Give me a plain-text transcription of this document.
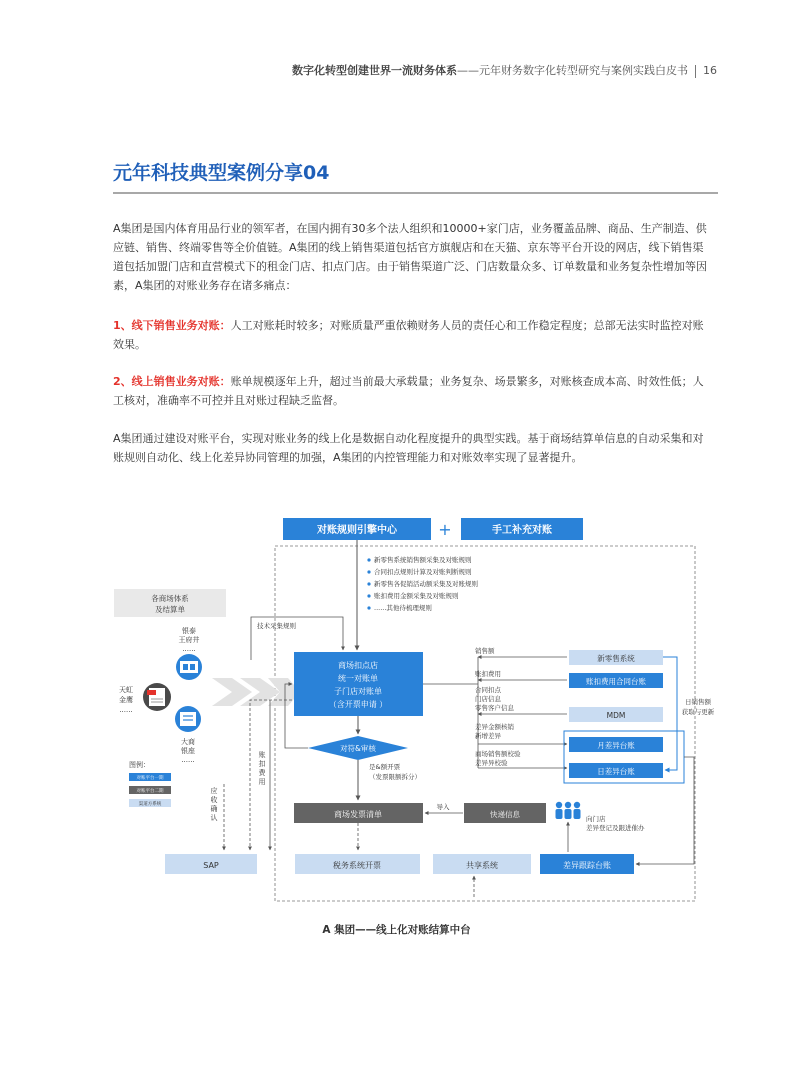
数字化转型创建世界一流财务体系——元年财务数字化转型研究与案例实践白皮书 16
元年科技典型案例分享04
A集团是国内体育用品行业的领军者，在国内拥有30多个法人组织和10000+家门店，业务覆盖品牌、商品、生产制造、供
应链、销售、终端零售等全价值链。A集团的线上销售渠道包括官方旗舰店和在天猫、京东等平台开设的网店，线下销售渠
道包括加盟门店和直营模式下的租金门店、扣点门店。由于销售渠道广泛、门店数量众多、订单数量和业务复杂性增加等因
素，A集团的对账业务存在诸多痛点：
1、线下销售业务对账：人工对账耗时较多；对账质量严重依赖财务人员的责任心和工作稳定程度；总部无法实时监控对账
效果。
2、线上销售业务对账：账单规模逐年上升，超过当前最大承载量；业务复杂、场景繁多，对账核查成本高、时效性低；人
工核对，准确率不可控并且对账过程缺乏监督。
A集团通过建设对账平台，实现对账业务的线上化是数据自动化程度提升的典型实践。基于商场结算单信息的自动采集和对
账规则自动化、线上化差异协同管理的加强，A集团的内控管理能力和对账效率实现了显著提升。
对账规则引擎中心	+	手工补充对账
新零售系统销售额采集及对账规则
合同扣点规则计算及对账判断规则
新零售各促销活动额采集及对账规则
账扣费用金额采集及对账规则
......其他待梳理规则
各商场体系
及结算单
技术采集规则
银泰
王府井
......
天虹
金鹰
......
大商
银座
......
图例：
对账平台一期
对账平台二期
渠道方系统
商场扣点店
统一对账单
子门店对账单
（含开票申请 ）
对符&审核
是&额开票
（发票限额拆分）
账
扣
费
用
应
收
确
认	商场发票清单	快递信息
导入
销售额
账扣费用
合同扣点
门店信息
零售客户信息
差异金额核销
新增差异
商场销售额校验
差异异校验
新零售系统
账扣费用合同台账
MDM
月差异台账
日差异台账
日销售额
获取与更新
向门店
差异登记及跟进催办
SAP	税务系统开票	共享系统	差异跟踪台账
A 集团——线上化对账结算中台
